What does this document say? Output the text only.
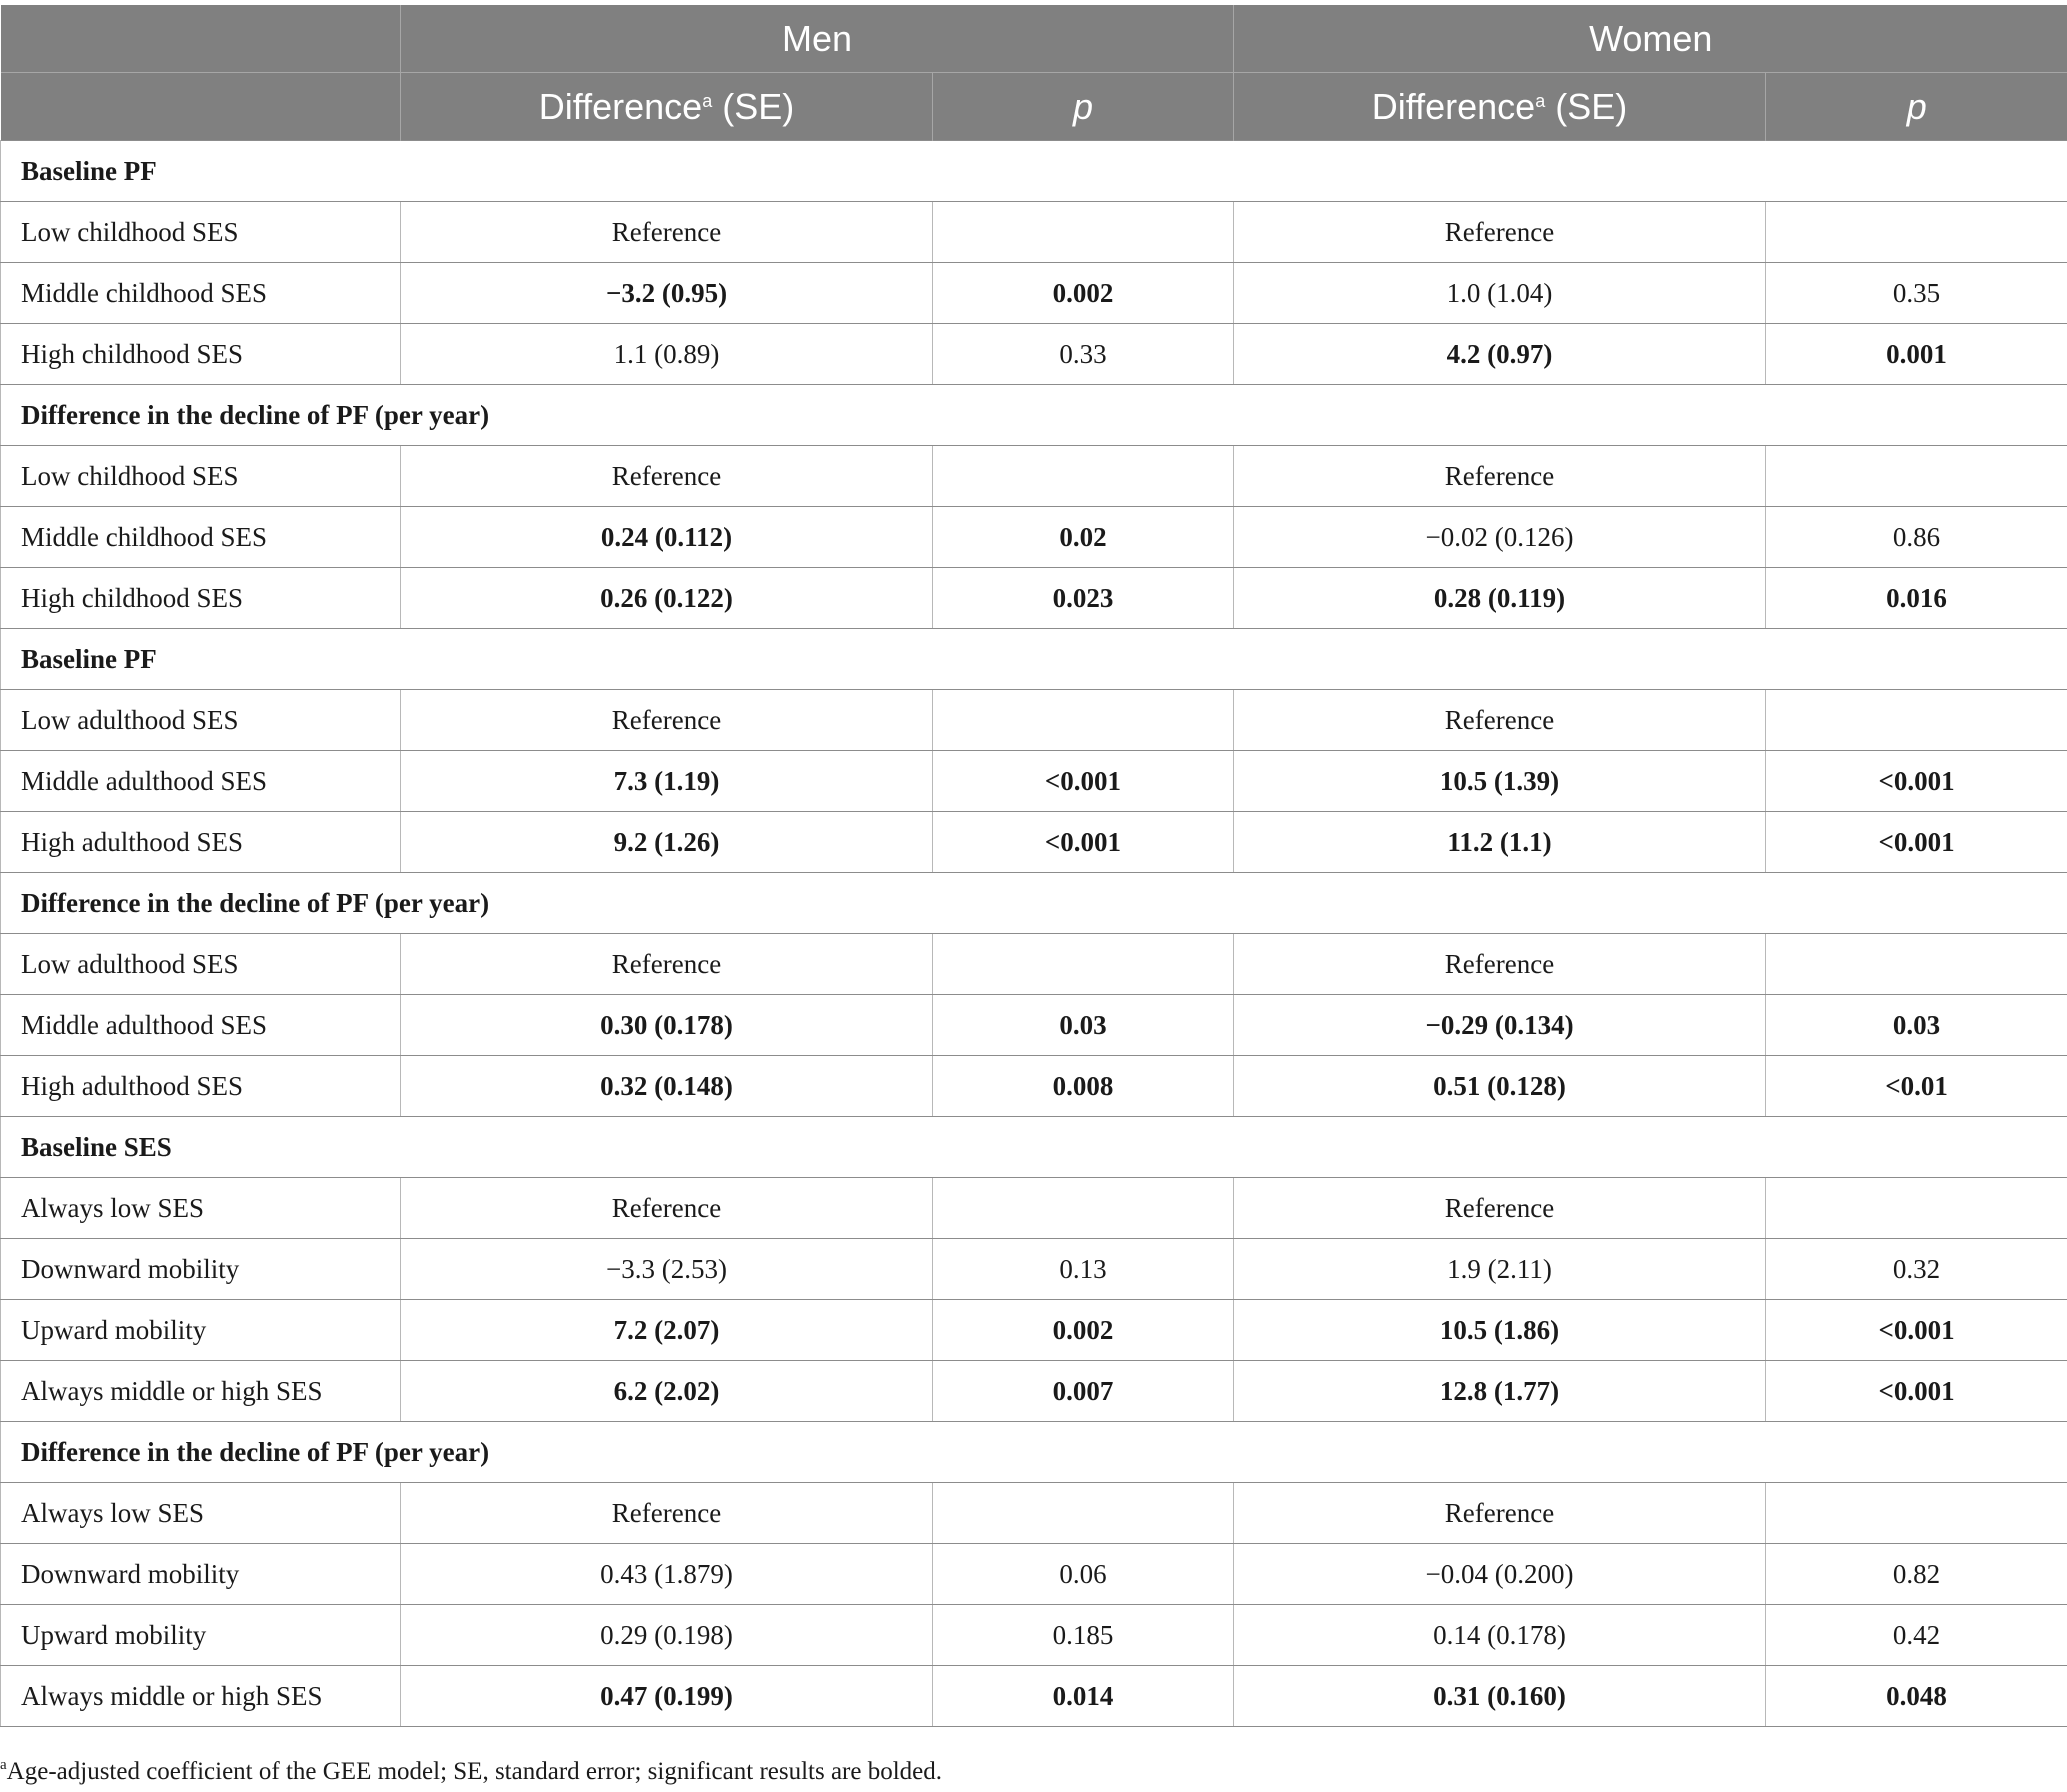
	Men		Women	
	Difference$^a$ (SE)	p	Difference$^a$ (SE)	p
Baseline PF				
Low childhood SES	Reference		Reference	
Middle childhood SES	−3.2 (0.95)	0.002	1.0 (1.04)	0.35
High childhood SES	1.1 (0.89)	0.33	4.2 (0.97)	0.001
Difference in the decline of PF (per year)				
Low childhood SES	Reference		Reference	
Middle childhood SES	0.24 (0.112)	0.02	−0.02 (0.126)	0.86
High childhood SES	0.26 (0.122)	0.023	0.28 (0.119)	0.016
Baseline PF				
Low adulthood SES	Reference		Reference	
Middle adulthood SES	7.3 (1.19)	<0.001	10.5 (1.39)	<0.001
High adulthood SES	9.2 (1.26)	<0.001	11.2 (1.1)	<0.001
Difference in the decline of PF (per year)				
Low adulthood SES	Reference		Reference	
Middle adulthood SES	0.30 (0.178)	0.03	−0.29 (0.134)	0.03
High adulthood SES	0.32 (0.148)	0.008	0.51 (0.128)	<0.01
Baseline SES				
Always low SES	Reference		Reference	
Downward mobility	−3.3 (2.53)	0.13	1.9 (2.11)	0.32
Upward mobility	7.2 (2.07)	0.002	10.5 (1.86)	<0.001
Always middle or high SES	6.2 (2.02)	0.007	12.8 (1.77)	<0.001
Difference in the decline of PF (per year)				
Always low SES	Reference		Reference	
Downward mobility	0.43 (1.879)	0.06	−0.04 (0.200)	0.82
Upward mobility	0.29 (0.198)	0.185	0.14 (0.178)	0.42
Always middle or high SES	0.47 (0.199)	0.014	0.31 (0.160)	0.048
$^a$Age-adjusted coefficient of the GEE model; SE, standard error; significant results are bolded.
